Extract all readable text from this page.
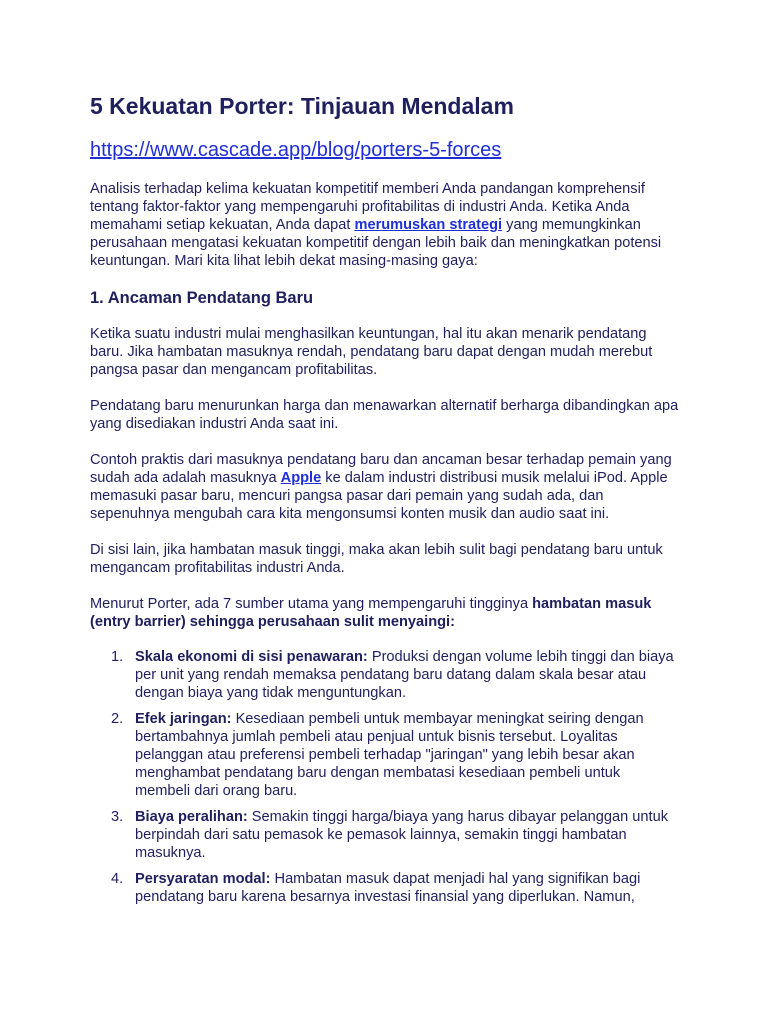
5 Kekuatan Porter: Tinjauan Mendalam
https://www.cascade.app/blog/porters-5-forces

Analisis terhadap kelima kekuatan kompetitif memberi Anda pandangan komprehensif tentang faktor-faktor yang mempengaruhi profitabilitas di industri Anda. Ketika Anda memahami setiap kekuatan, Anda dapat merumuskan strategi yang memungkinkan perusahaan mengatasi kekuatan kompetitif dengan lebih baik dan meningkatkan potensi keuntungan. Mari kita lihat lebih dekat masing-masing gaya:

1. Ancaman Pendatang Baru

Ketika suatu industri mulai menghasilkan keuntungan, hal itu akan menarik pendatang baru. Jika hambatan masuknya rendah, pendatang baru dapat dengan mudah merebut pangsa pasar dan mengancam profitabilitas.

Pendatang baru menurunkan harga dan menawarkan alternatif berharga dibandingkan apa yang disediakan industri Anda saat ini.

Contoh praktis dari masuknya pendatang baru dan ancaman besar terhadap pemain yang sudah ada adalah masuknya Apple ke dalam industri distribusi musik melalui iPod. Apple memasuki pasar baru, mencuri pangsa pasar dari pemain yang sudah ada, dan sepenuhnya mengubah cara kita mengonsumsi konten musik dan audio saat ini.

Di sisi lain, jika hambatan masuk tinggi, maka akan lebih sulit bagi pendatang baru untuk mengancam profitabilitas industri Anda.

Menurut Porter, ada 7 sumber utama yang mempengaruhi tingginya hambatan masuk (entry barrier) sehingga perusahaan sulit menyaingi:

1. Skala ekonomi di sisi penawaran: Produksi dengan volume lebih tinggi dan biaya per unit yang rendah memaksa pendatang baru datang dalam skala besar atau dengan biaya yang tidak menguntungkan.
2. Efek jaringan: Kesediaan pembeli untuk membayar meningkat seiring dengan bertambahnya jumlah pembeli atau penjual untuk bisnis tersebut. Loyalitas pelanggan atau preferensi pembeli terhadap "jaringan" yang lebih besar akan menghambat pendatang baru dengan membatasi kesediaan pembeli untuk membeli dari orang baru.
3. Biaya peralihan: Semakin tinggi harga/biaya yang harus dibayar pelanggan untuk berpindah dari satu pemasok ke pemasok lainnya, semakin tinggi hambatan masuknya.
4. Persyaratan modal: Hambatan masuk dapat menjadi hal yang signifikan bagi pendatang baru karena besarnya investasi finansial yang diperlukan. Namun,
